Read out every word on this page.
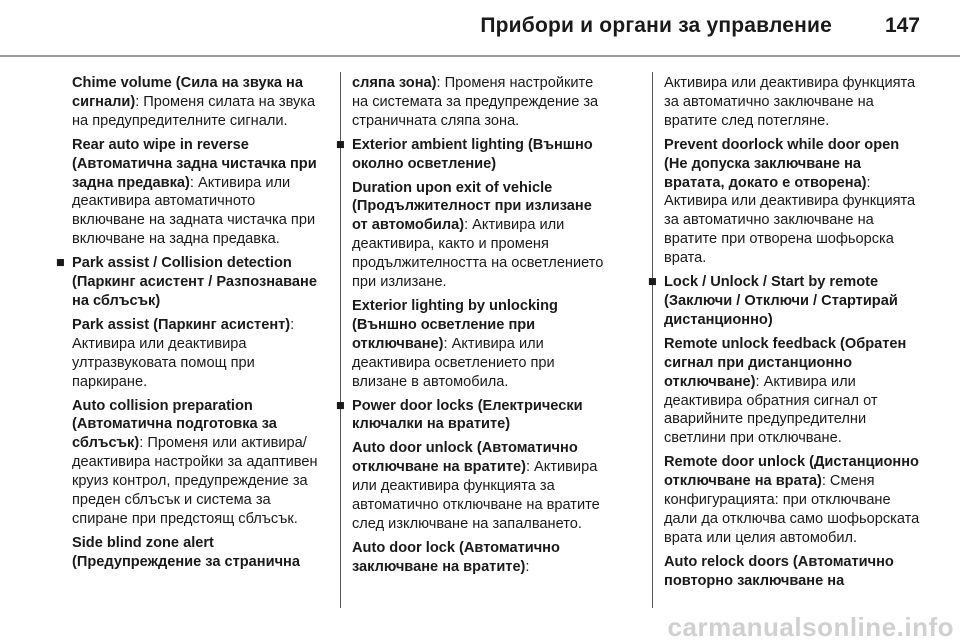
Прибори и органи за управление	147

Chime volume (Сила на звука на сигнали): Променя силата на звука на предупредителните сигнали.

Rear auto wipe in reverse (Автоматична задна чистачка при задна предавка): Активира или деактивира автоматичното включване на задната чистачка при включване на задна предавка.

■ Park assist / Collision detection (Паркинг асистент / Разпознаване на сблъсък)

Park assist (Паркинг асистент): Активира или деактивира ултразвуковата помощ при паркиране.

Auto collision preparation (Автоматична подготовка за сблъсък): Променя или активира/ деактивира настройки за адаптивен круиз контрол, предупреждение за преден сблъсък и система за спиране при предстоящ сблъсък.

Side blind zone alert (Предупреждение за странична

сляпа зона): Променя настройките на системата за предупреждение за страничната сляпа зона.

■ Exterior ambient lighting (Външно околно осветление)

Duration upon exit of vehicle (Продължителност при излизане от автомобила): Активира или деактивира, както и променя продължителността на осветлението при излизане.

Exterior lighting by unlocking (Външно осветление при отключване): Активира или деактивира осветлението при влизане в автомобила.

■ Power door locks (Електрически ключалки на вратите)

Auto door unlock (Автоматично отключване на вратите): Активира или деактивира функцията за автоматично отключване на вратите след изключване на запалването.

Auto door lock (Автоматично заключване на вратите):

Активира или деактивира функцията за автоматично заключване на вратите след потегляне.

Prevent doorlock while door open (Не допуска заключване на вратата, докато е отворена): Активира или деактивира функцията за автоматично заключване на вратите при отворена шофьорска врата.

■ Lock / Unlock / Start by remote (Заключи / Отключи / Стартирай дистанционно)

Remote unlock feedback (Обратен сигнал при дистанционно отключване): Активира или деактивира обратния сигнал от аварийните предупредителни светлини при отключване.

Remote door unlock (Дистанционно отключване на врата): Сменя конфигурацията: при отключване дали да отключва само шофьорската врата или целия автомобил.

Auto relock doors (Автоматично повторно заключване на

carmanualsonline.info
